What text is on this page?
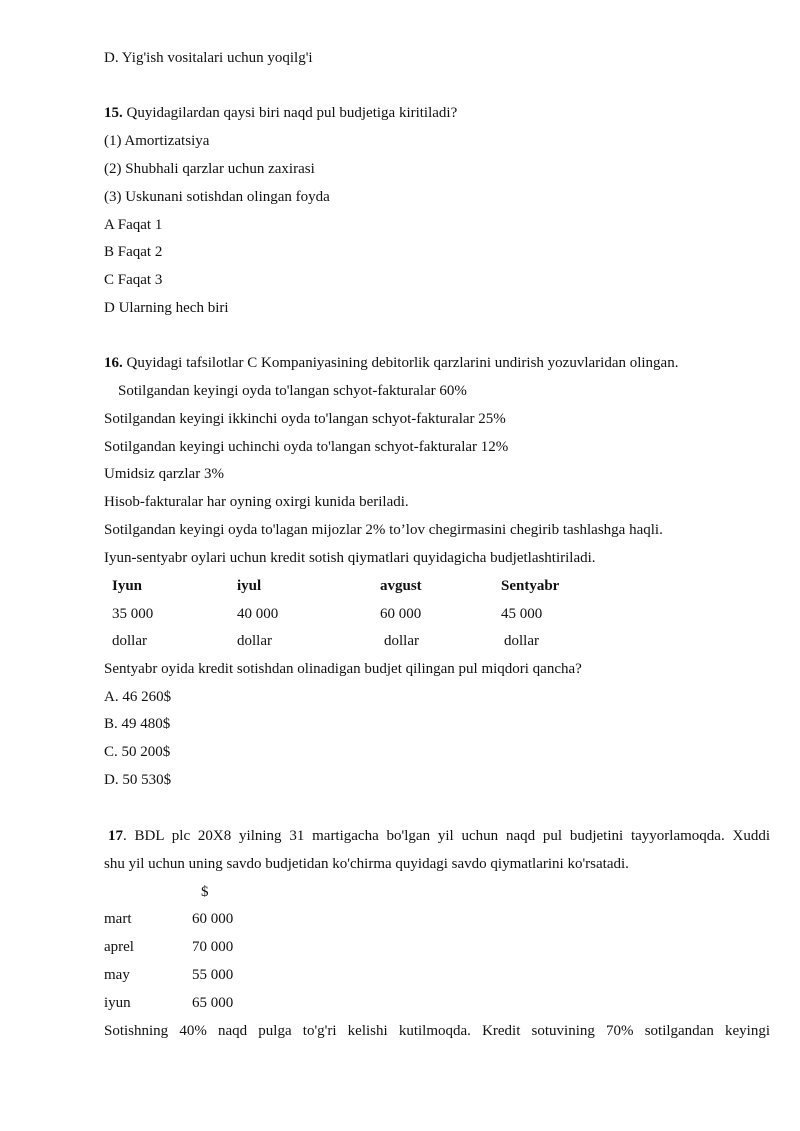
D. Yig'ish vositalari uchun yoqilg'i
15. Quyidagilardan qaysi biri naqd pul budjetiga kiritiladi?
(1) Amortizatsiya
(2) Shubhali qarzlar uchun zaxirasi
(3) Uskunani sotishdan olingan foyda
A Faqat 1
B Faqat 2
C Faqat 3
D Ularning hech biri
16. Quyidagi tafsilotlar C Kompaniyasining debitorlik qarzlarini undirish yozuvlaridan olingan.
Sotilgandan keyingi oyda to'langan schyot-fakturalar 60%
Sotilgandan keyingi ikkinchi oyda to'langan schyot-fakturalar 25%
Sotilgandan keyingi uchinchi oyda to'langan schyot-fakturalar 12%
Umidsiz qarzlar 3%
Hisob-fakturalar har oyning oxirgi kunida beriladi.
Sotilgandan keyingi oyda to'lagan mijozlar 2% to’lov chegirmasini chegirib tashlashga haqli.
Iyun-sentyabr oylari uchun kredit sotish qiymatlari quyidagicha budjetlashtiriladi.
Iyun	iyul	avgust	Sentyabr
35 000	40 000	60 000	45 000
dollar	dollar	dollar	dollar
Sentyabr oyida kredit sotishdan olinadigan budjet qilingan pul miqdori qancha?
A. 46 260$
B. 49 480$
C. 50 200$
D. 50 530$
17. BDL plc 20X8 yilning 31 martigacha bo'lgan yil uchun naqd pul budjetini tayyorlamoqda. Xuddi
shu yil uchun uning savdo budjetidan ko'chirma quyidagi savdo qiymatlarini ko'rsatadi.
$
mart	60 000
aprel	70 000
may	55 000
iyun	65 000
Sotishning 40% naqd pulga to'g'ri kelishi kutilmoqda. Kredit sotuvining 70% sotilgandan keyingi
